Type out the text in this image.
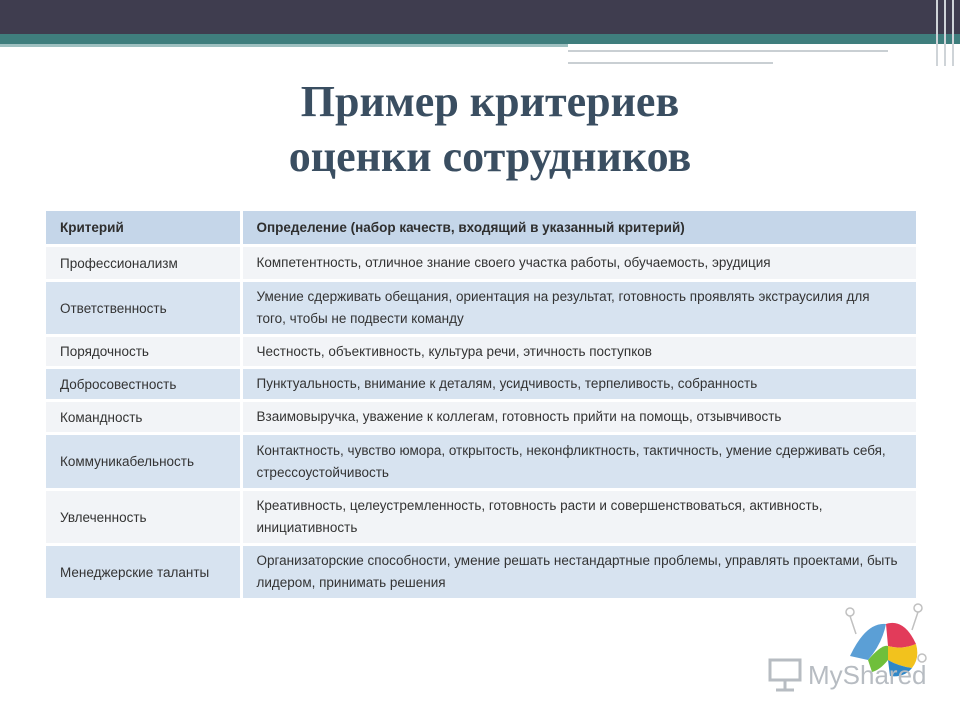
Пример критериев
оценки сотрудников
Критерий	Определение (набор качеств, входящий в указанный критерий)
Профессионализм	Компетентность, отличное знание своего участка работы, обучаемость, эрудиция
Ответственность	Умение сдерживать обещания, ориентация на результат, готовность проявлять экстраусилия для того, чтобы не подвести команду
Порядочность	Честность, объективность, культура речи, этичность поступков
Добросовестность	Пунктуальность, внимание к деталям, усидчивость, терпеливость, собранность
Командность	Взаимовыручка, уважение к коллегам, готовность прийти на помощь, отзывчивость
Коммуникабельность	Контактность, чувство юмора, открытость, неконфликтность, тактичность, умение сдерживать себя, стрессоустойчивость
Увлеченность	Креативность, целеустремленность, готовность расти и совершенствоваться, активность, инициативность
Менеджерские таланты	Организаторские способности, умение решать нестандартные проблемы, управлять проектами, быть лидером, принимать решения
MyShared
